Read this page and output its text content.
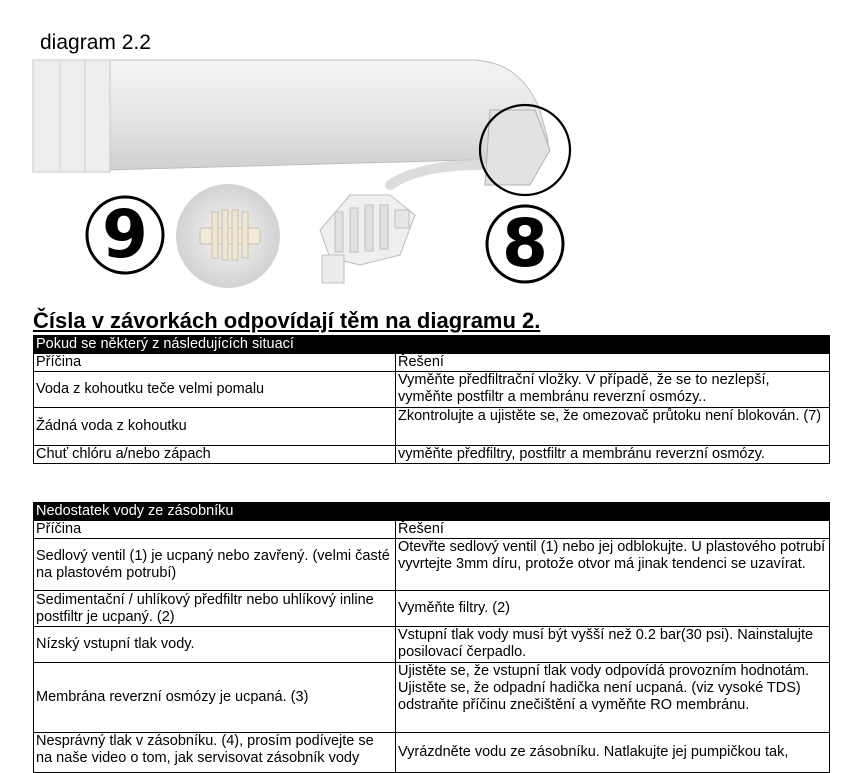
diagram 2.2
9	8
Čísla v závorkách odpovídají těm na diagramu 2.
Pokud se některý z následujících situací	
Příčina	Řešení
Voda z kohoutku teče velmi pomalu	Vyměňte předfiltrační vložky. V případě, že se to nezlepší, vyměňte postfiltr a membránu reverzní osmózy..
Žádná voda z kohoutku	Zkontrolujte a ujistěte se, že omezovač průtoku není blokován. (7)
Chuť chlóru a/nebo zápach	vyměňte předfiltry, postfiltr a membránu reverzní osmózy.
Nedostatek vody ze zásobníku	
Příčina	Řešení
Sedlový ventil (1) je ucpaný nebo zavřený. (velmi časté na plastovém potrubí)	Otevřte sedlový ventil (1) nebo jej odblokujte. U plastového potrubí vyvrtejte 3mm díru, protože otvor má jinak tendenci se uzavírat.
Sedimentační / uhlíkový předfiltr nebo uhlíkový inline postfiltr je ucpaný. (2)	Vyměňte filtry. (2)
Nízský vstupní tlak vody.	Vstupní tlak vody musí být vyšší než 0.2 bar(30 psi). Nainstalujte posilovací čerpadlo.
Membrána reverzní osmózy je ucpaná. (3)	Ujistěte se, že vstupní tlak vody odpovídá provozním hodnotám. Ujistěte se, že odpadní hadička není ucpaná. (viz vysoké TDS) odstraňte příčinu znečištění a vyměňte RO membránu.
Nesprávný tlak v zásobníku. (4), prosím podívejte se na naše video o tom, jak servisovat zásobník vody	Vyrázdněte vodu ze zásobníku. Natlakujte jej pumpičkou tak,
